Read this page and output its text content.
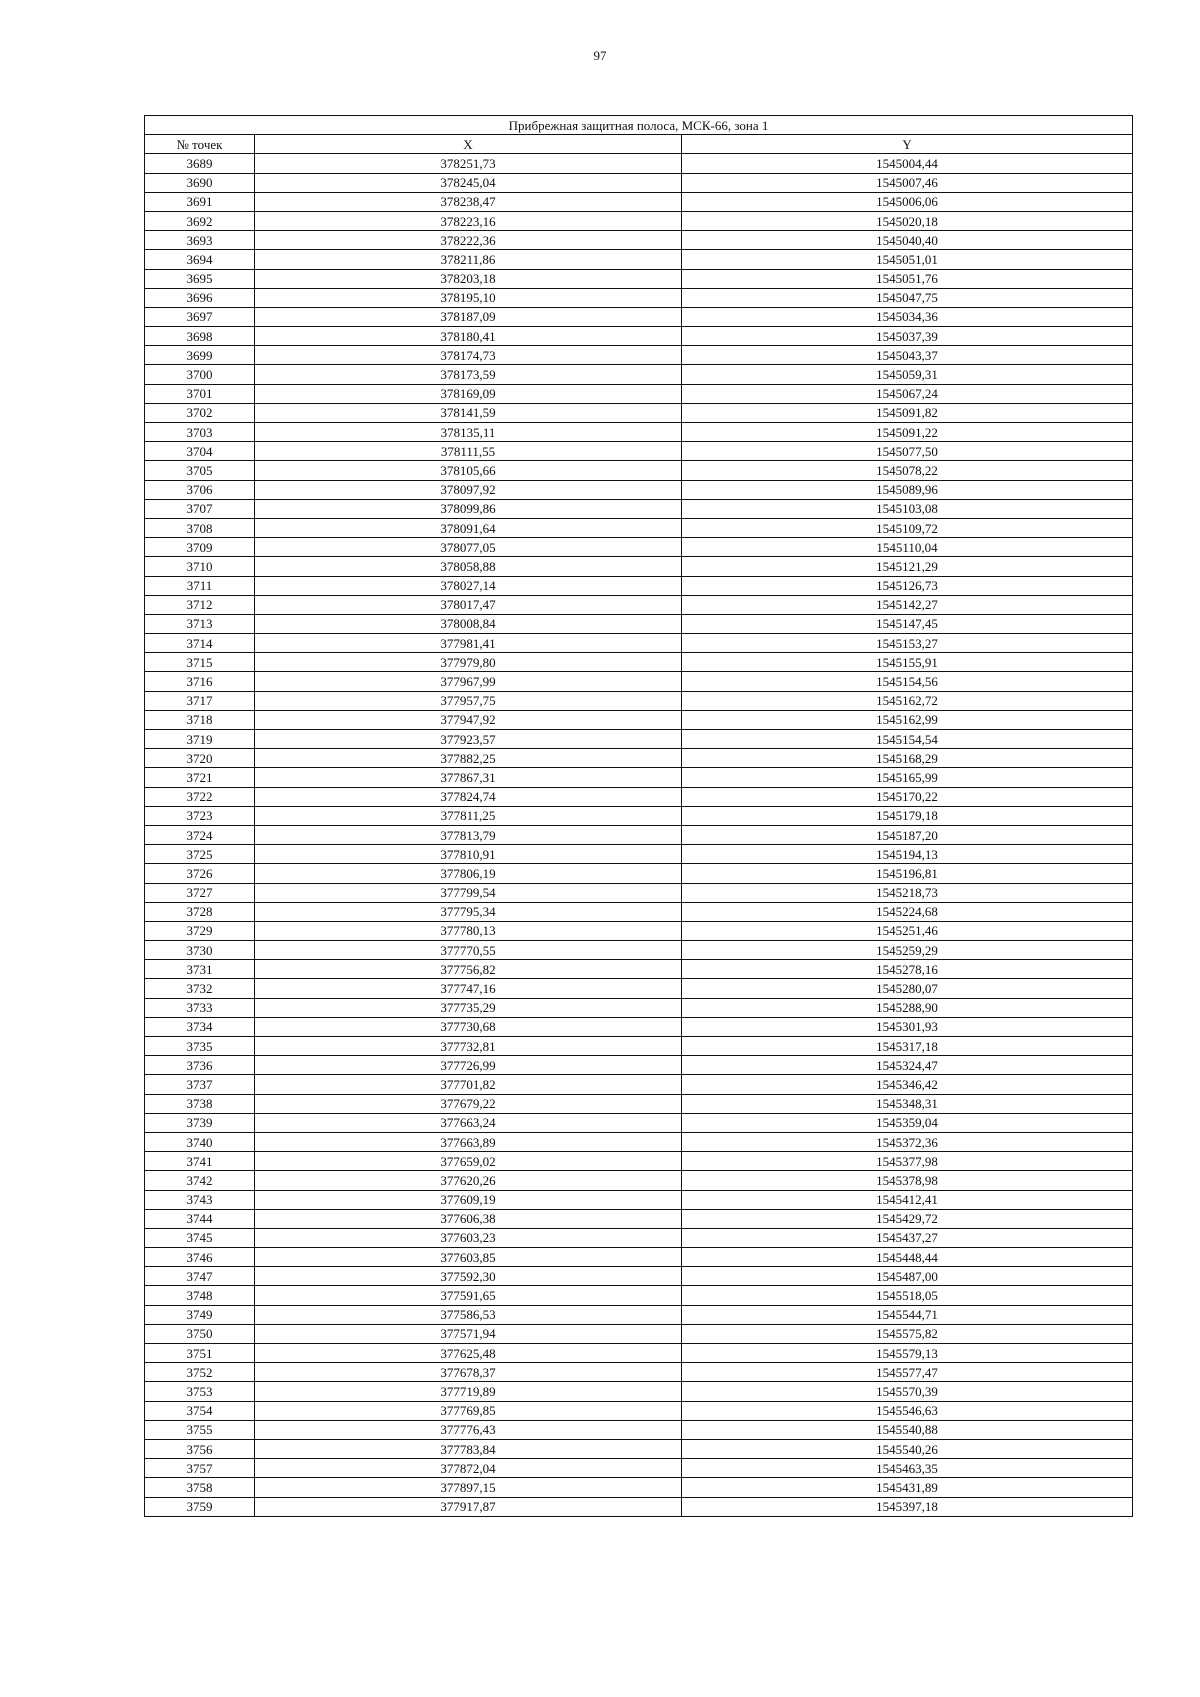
97
Прибрежная защитная полоса, МСК-66, зона 1		
№ точек	X	Y
3689	378251,73	1545004,44
3690	378245,04	1545007,46
3691	378238,47	1545006,06
3692	378223,16	1545020,18
3693	378222,36	1545040,40
3694	378211,86	1545051,01
3695	378203,18	1545051,76
3696	378195,10	1545047,75
3697	378187,09	1545034,36
3698	378180,41	1545037,39
3699	378174,73	1545043,37
3700	378173,59	1545059,31
3701	378169,09	1545067,24
3702	378141,59	1545091,82
3703	378135,11	1545091,22
3704	378111,55	1545077,50
3705	378105,66	1545078,22
3706	378097,92	1545089,96
3707	378099,86	1545103,08
3708	378091,64	1545109,72
3709	378077,05	1545110,04
3710	378058,88	1545121,29
3711	378027,14	1545126,73
3712	378017,47	1545142,27
3713	378008,84	1545147,45
3714	377981,41	1545153,27
3715	377979,80	1545155,91
3716	377967,99	1545154,56
3717	377957,75	1545162,72
3718	377947,92	1545162,99
3719	377923,57	1545154,54
3720	377882,25	1545168,29
3721	377867,31	1545165,99
3722	377824,74	1545170,22
3723	377811,25	1545179,18
3724	377813,79	1545187,20
3725	377810,91	1545194,13
3726	377806,19	1545196,81
3727	377799,54	1545218,73
3728	377795,34	1545224,68
3729	377780,13	1545251,46
3730	377770,55	1545259,29
3731	377756,82	1545278,16
3732	377747,16	1545280,07
3733	377735,29	1545288,90
3734	377730,68	1545301,93
3735	377732,81	1545317,18
3736	377726,99	1545324,47
3737	377701,82	1545346,42
3738	377679,22	1545348,31
3739	377663,24	1545359,04
3740	377663,89	1545372,36
3741	377659,02	1545377,98
3742	377620,26	1545378,98
3743	377609,19	1545412,41
3744	377606,38	1545429,72
3745	377603,23	1545437,27
3746	377603,85	1545448,44
3747	377592,30	1545487,00
3748	377591,65	1545518,05
3749	377586,53	1545544,71
3750	377571,94	1545575,82
3751	377625,48	1545579,13
3752	377678,37	1545577,47
3753	377719,89	1545570,39
3754	377769,85	1545546,63
3755	377776,43	1545540,88
3756	377783,84	1545540,26
3757	377872,04	1545463,35
3758	377897,15	1545431,89
3759	377917,87	1545397,18
